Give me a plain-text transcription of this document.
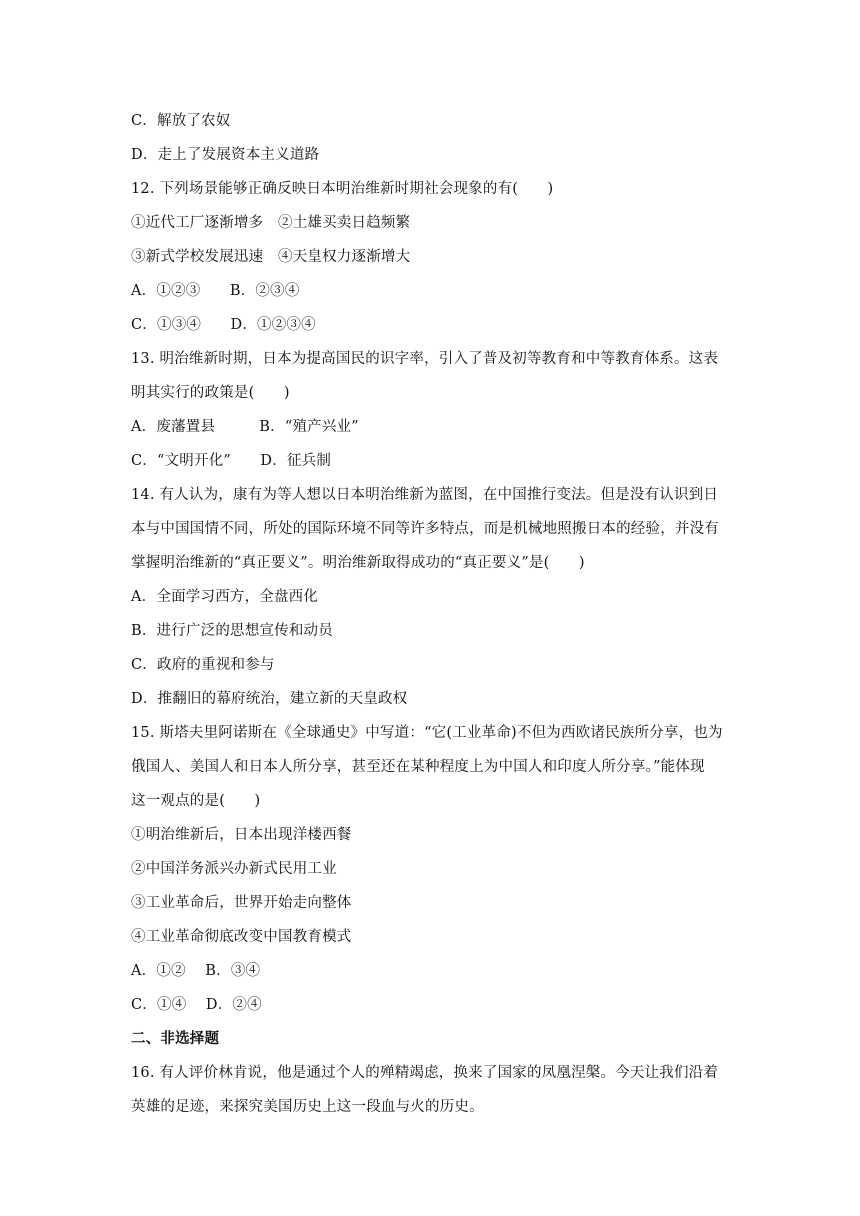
C．解放了农奴
D．走上了发展资本主义道路
12. 下列场景能够正确反映日本明治维新时期社会现象的有(　　)
①近代工厂逐渐增多　②土雄买卖日趋频繁
③新式学校发展迅速　④天皇权力逐渐增大
A．①②③　　B．②③④
C．①③④　　D．①②③④
13. 明治维新时期，日本为提高国民的识字率，引入了普及初等教育和中等教育体系。这表
明其实行的政策是(　　)
A．废藩置县　　　B．“殖产兴业”
C．“文明开化”　　D．征兵制
14. 有人认为，康有为等人想以日本明治维新为蓝图，在中国推行变法。但是没有认识到日
本与中国国情不同，所处的国际环境不同等许多特点，而是机械地照搬日本的经验，并没有
掌握明治维新的“真正要义”。明治维新取得成功的“真正要义”是(　　)
A．全面学习西方，全盘西化
B．进行广泛的思想宣传和动员
C．政府的重视和参与
D．推翻旧的幕府统治，建立新的天皇政权
15. 斯塔夫里阿诺斯在《全球通史》中写道：“它(工业革命)不但为西欧诸民族所分享，也为
俄国人、美国人和日本人所分享，甚至还在某种程度上为中国人和印度人所分享。”能体现
这一观点的是(　　)
①明治维新后，日本出现洋楼西餐
②中国洋务派兴办新式民用工业
③工业革命后，世界开始走向整体
④工业革命彻底改变中国教育模式
A．①②　 B．③④
C．①④　 D．②④
二、非选择题
16. 有人评价林肯说，他是通过个人的殚精竭虑，换来了国家的凤凰涅槃。今天让我们沿着
英雄的足迹，来探究美国历史上这一段血与火的历史。
